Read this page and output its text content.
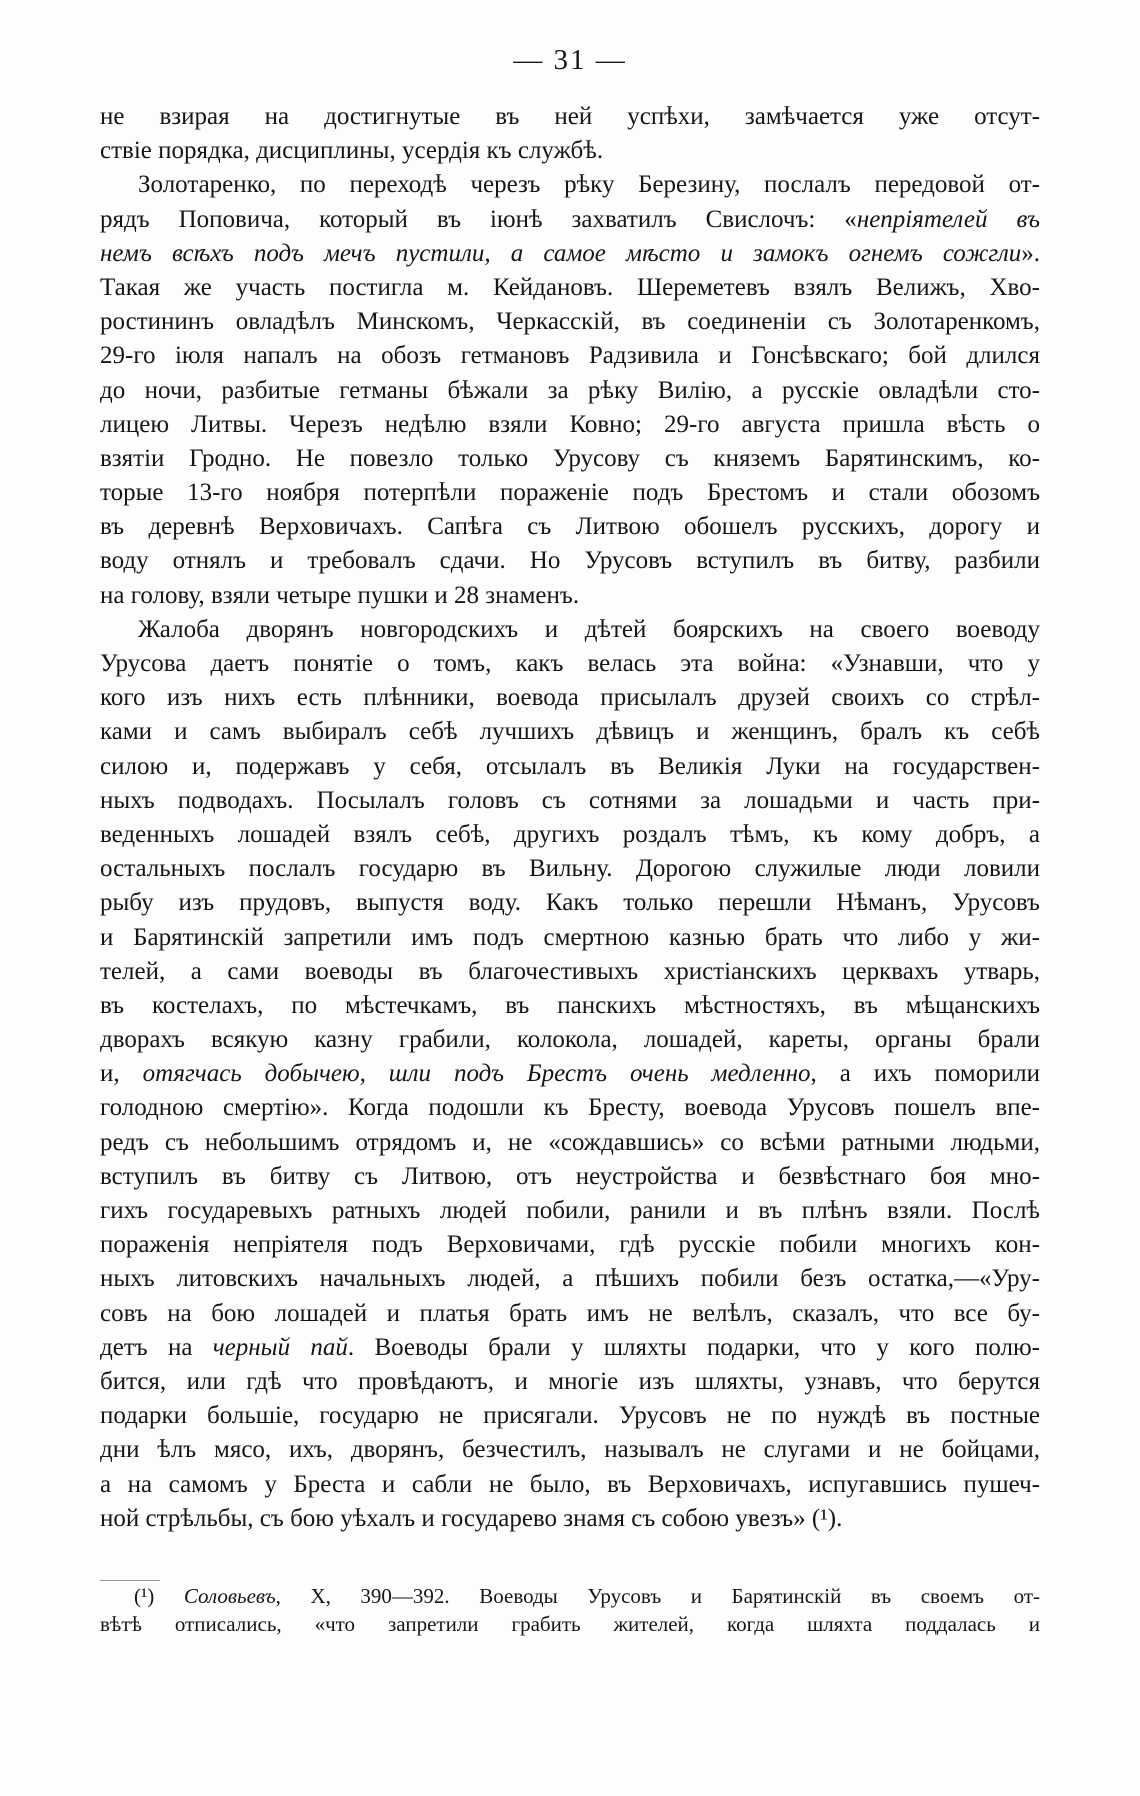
— 31 —
не взирая на достигнутые въ ней успѣхи, замѣчается уже отсут-
ствіе порядка, дисциплины, усердія къ службѣ.
Золотаренко, по переходѣ черезъ рѣку Березину, послалъ передовой от-
рядъ Поповича, который въ іюнѣ захватилъ Свислочъ: «непріятелей въ
немъ всѣхъ подъ мечъ пустили, а самое мѣсто и замокъ огнемъ сожгли».
Такая же участь постигла м. Кейдановъ. Шереметевъ взялъ Велижъ, Хво-
ростининъ овладѣлъ Минскомъ, Черкасскій, въ соединеніи съ Золотаренкомъ,
29-го іюля напалъ на обозъ гетмановъ Радзивила и Гонсѣвскаго; бой длился
до ночи, разбитые гетманы бѣжали за рѣку Вилію, а русскіе овладѣли сто-
лицею Литвы. Черезъ недѣлю взяли Ковно; 29-го августа пришла вѣсть о
взятіи Гродно. Не повезло только Урусову съ княземъ Барятинскимъ, ко-
торые 13-го ноября потерпѣли пораженіе подъ Брестомъ и стали обозомъ
въ деревнѣ Верховичахъ. Сапѣга съ Литвою обошелъ русскихъ, дорогу и
воду отнялъ и требовалъ сдачи. Но Урусовъ вступилъ въ битву, разбили
на голову, взяли четыре пушки и 28 знаменъ.
Жалоба дворянъ новгородскихъ и дѣтей боярскихъ на своего воеводу
Урусова даетъ понятіе о томъ, какъ велась эта война: «Узнавши, что у
кого изъ нихъ есть плѣнники, воевода присылалъ друзей своихъ со стрѣл-
ками и самъ выбиралъ себѣ лучшихъ дѣвицъ и женщинъ, бралъ къ себѣ
силою и, подержавъ у себя, отсылалъ въ Великія Луки на государствен-
ныхъ подводахъ. Посылалъ головъ съ сотнями за лошадьми и часть при-
веденныхъ лошадей взялъ себѣ, другихъ роздалъ тѣмъ, къ кому добръ, а
остальныхъ послалъ государю въ Вильну. Дорогою служилые люди ловили
рыбу изъ прудовъ, выпустя воду. Какъ только перешли Нѣманъ, Урусовъ
и Барятинскій запретили имъ подъ смертною казнью брать что либо у жи-
телей, а сами воеводы въ благочестивыхъ христіанскихъ церквахъ утварь,
въ костелахъ, по мѣстечкамъ, въ панскихъ мѣстностяхъ, въ мѣщанскихъ
дворахъ всякую казну грабили, колокола, лошадей, кареты, органы брали
и, отягчась добычею, шли подъ Брестъ очень медленно, а ихъ поморили
голодною смертію». Когда подошли къ Бресту, воевода Урусовъ пошелъ впе-
редъ съ небольшимъ отрядомъ и, не «сождавшись» со всѣми ратными людьми,
вступилъ въ битву съ Литвою, отъ неустройства и безвѣстнаго боя мно-
гихъ государевыхъ ратныхъ людей побили, ранили и въ плѣнъ взяли. Послѣ
пораженія непріятеля подъ Верховичами, гдѣ русскіе побили многихъ кон-
ныхъ литовскихъ начальныхъ людей, а пѣшихъ побили безъ остатка,—«Уру-
совъ на бою лошадей и платья брать имъ не велѣлъ, сказалъ, что все бу-
детъ на черный пай. Воеводы брали у шляхты подарки, что у кого полю-
бится, или гдѣ что провѣдаютъ, и многіе изъ шляхты, узнавъ, что берутся
подарки большіе, государю не присягали. Урусовъ не по нуждѣ въ постные
дни ѣлъ мясо, ихъ, дворянъ, безчестилъ, называлъ не слугами и не бойцами,
а на самомъ у Бреста и сабли не было, въ Верховичахъ, испугавшись пушеч-
ной стрѣльбы, съ бою уѣхалъ и государево знамя съ собою увезъ» (¹).
(¹) Соловьевъ, X, 390—392. Воеводы Урусовъ и Барятинскій въ своемъ от-
вѣтѣ отписались, «что запретили грабить жителей, когда шляхта поддалась и
